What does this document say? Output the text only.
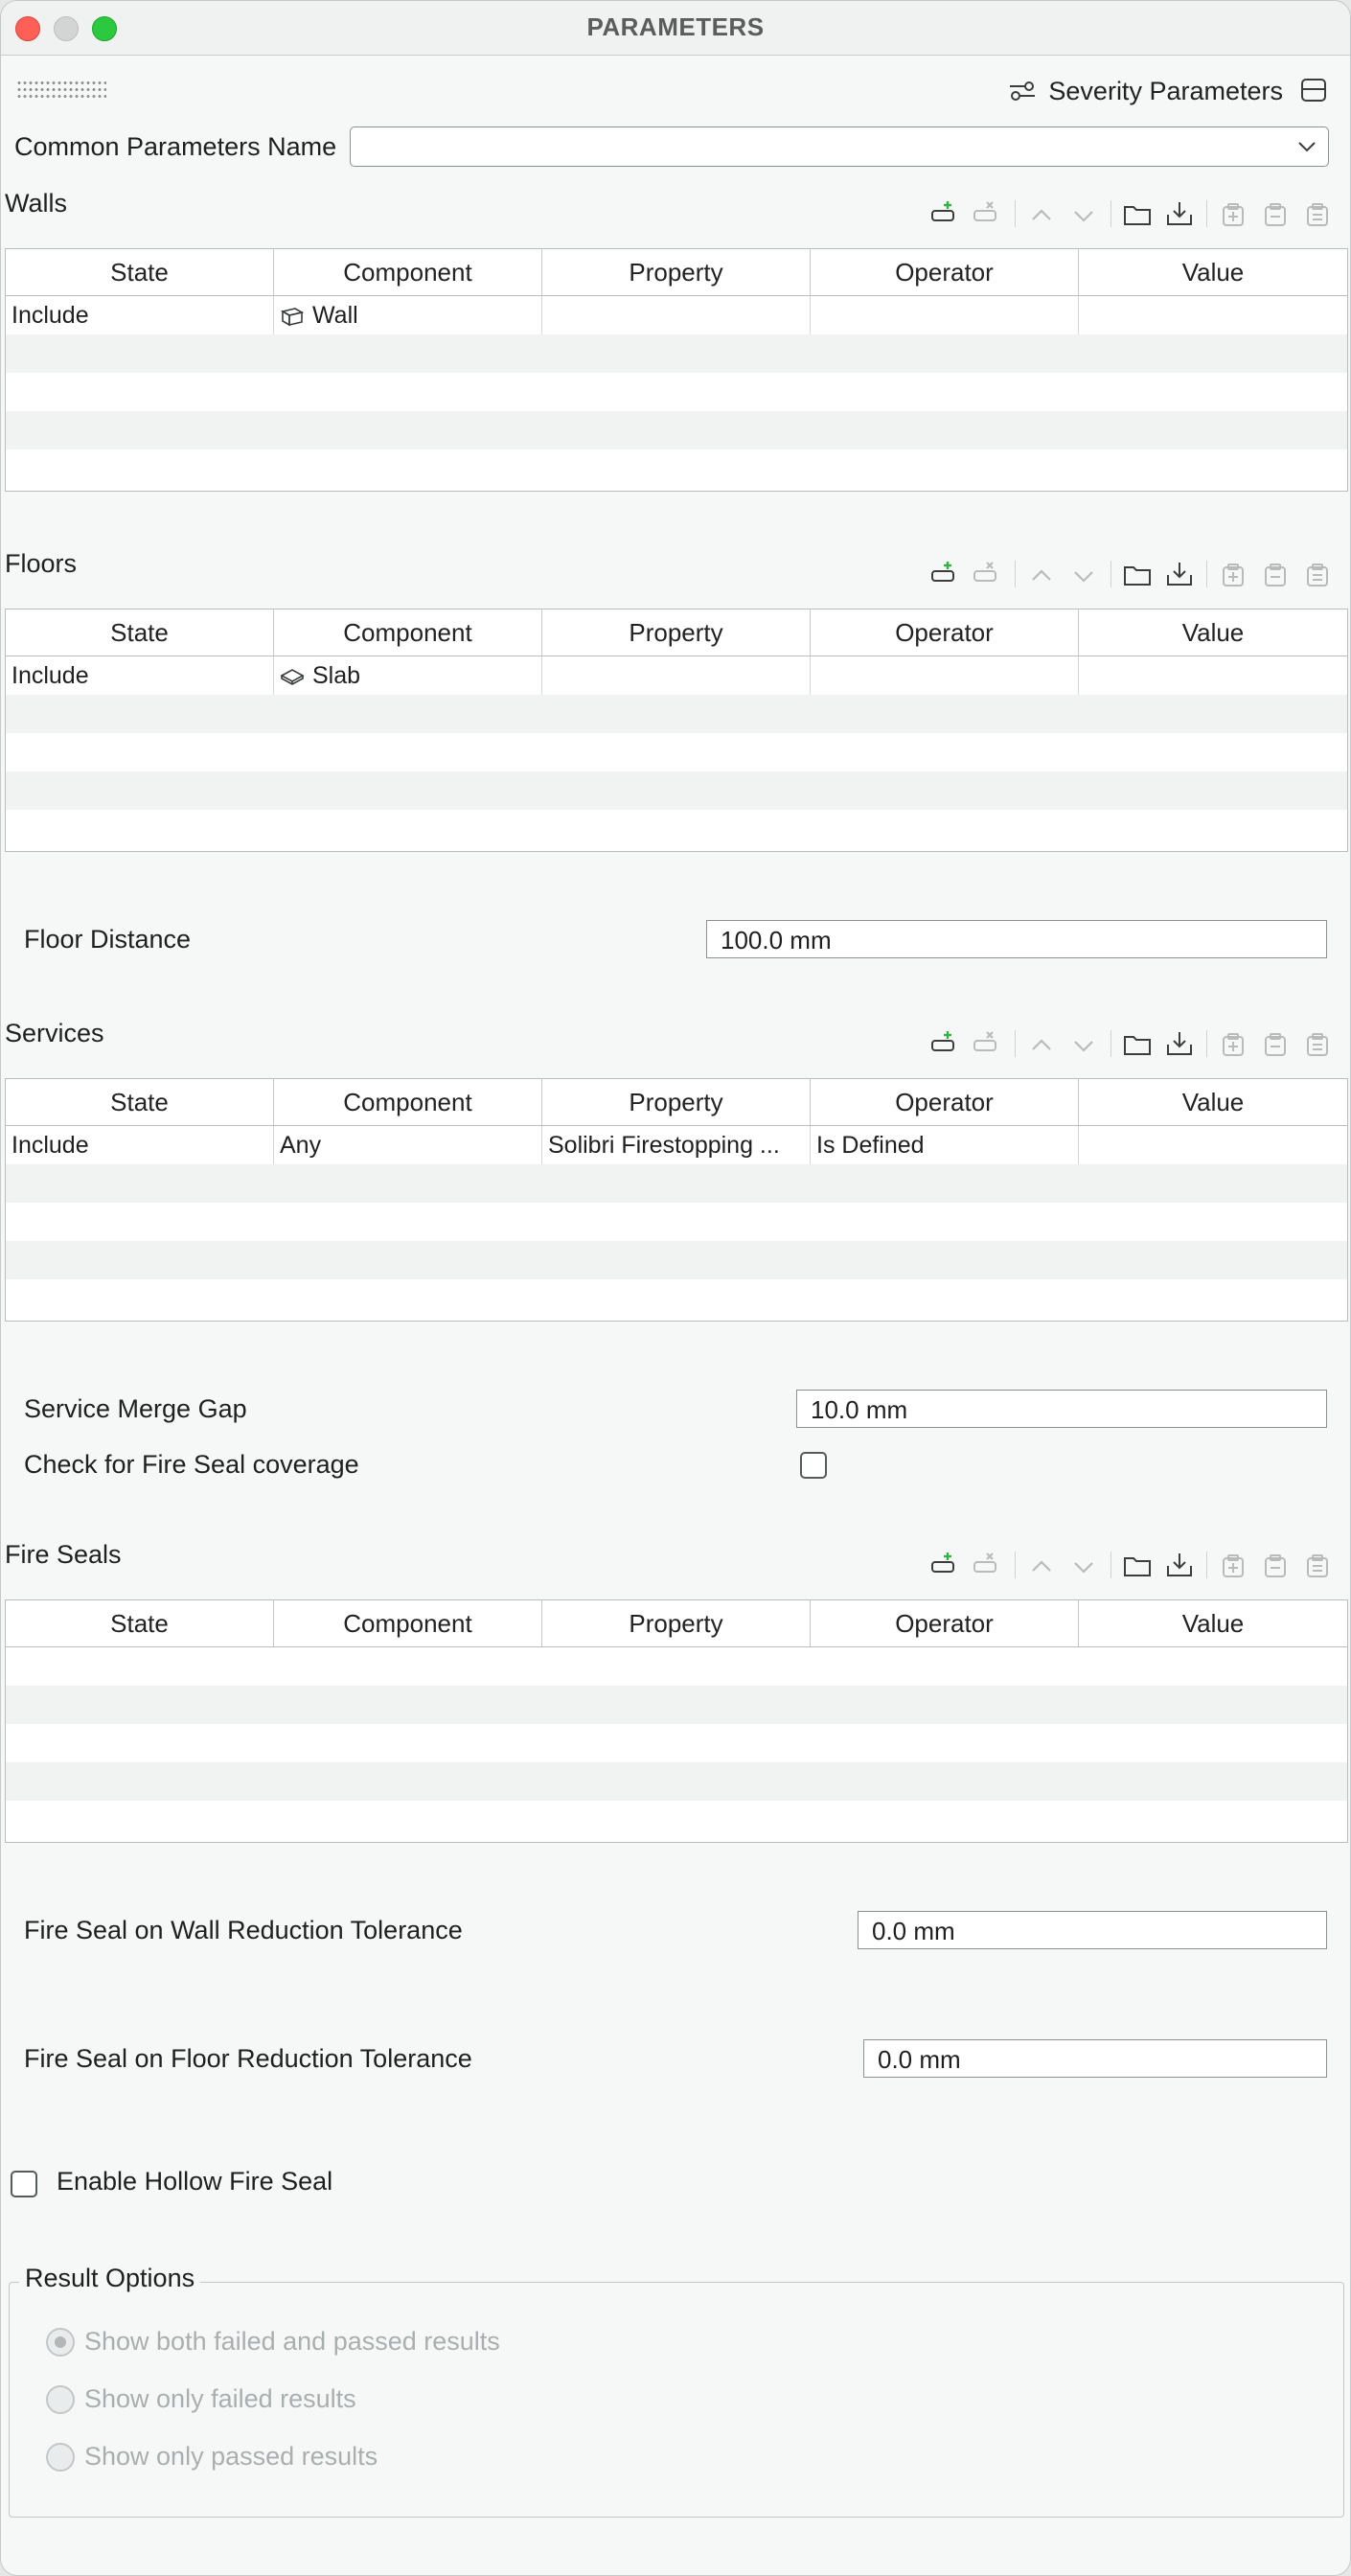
PARAMETERS
Severity Parameters
Common Parameters Name
Walls
State	Component	Property	Operator	Value
Include	Wall
Floors
State	Component	Property	Operator	Value
Include	Slab
Floor Distance	100.0 mm
Services
State	Component	Property	Operator	Value
Include	Any	Solibri Firestopping ...	Is Defined
Service Merge Gap	10.0 mm
Check for Fire Seal coverage
Fire Seals
State	Component	Property	Operator	Value
Fire Seal on Wall Reduction Tolerance	0.0 mm
Fire Seal on Floor Reduction Tolerance	0.0 mm
Enable Hollow Fire Seal
Result Options
Show both failed and passed results
Show only failed results
Show only passed results
